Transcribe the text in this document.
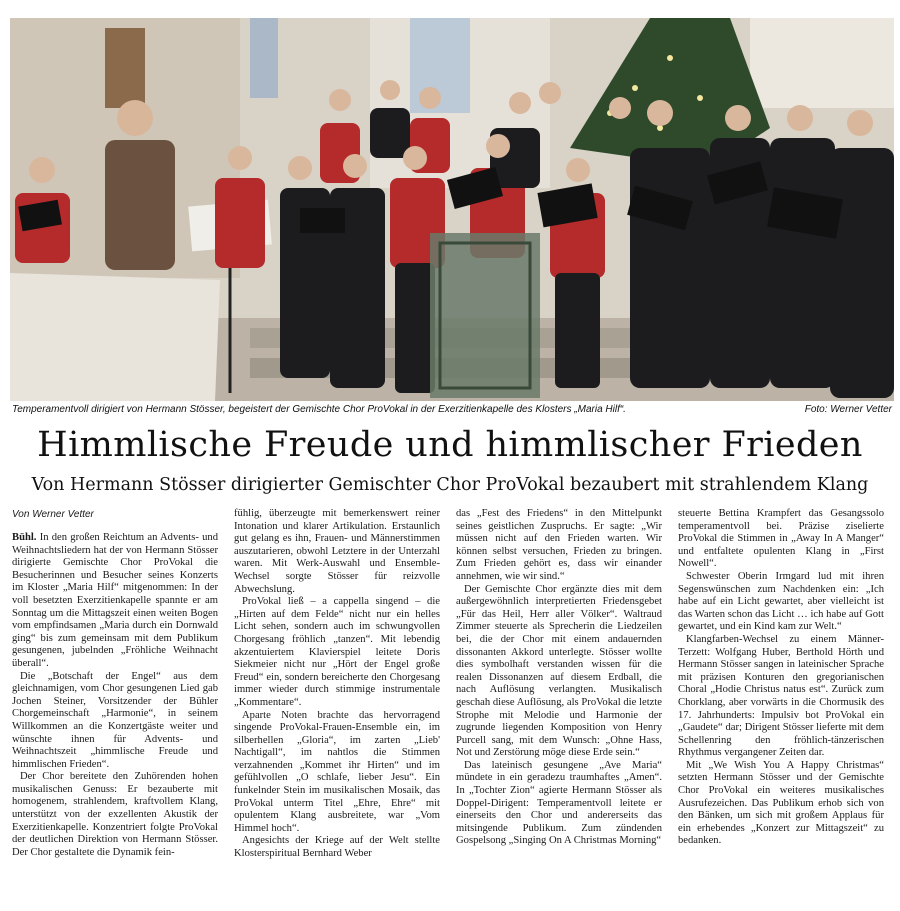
Temperamentvoll dirigiert von Hermann Stösser, begeistert der Gemischte Chor ProVokal in der Exerzitienkapelle des Klosters „Maria Hilf“.	Foto: Werner Vetter
Himmlische Freude und himmlischer Frieden
Von Hermann Stösser dirigierter Gemischter Chor ProVokal bezaubert mit strahlendem Klang
Von Werner Vetter

Bühl. In den großen Reichtum an Advents- und Weihnachtsliedern hat der von Hermann Stösser dirigierte Gemischte Chor ProVokal die Besucherinnen und Besucher seines Konzerts im Kloster „Maria Hilf“ mitgenommen: In der voll besetzten Exerzitienkapelle spannte er am Sonntag um die Mittagszeit einen weiten Bogen vom empfindsamen „Maria durch ein Dornwald ging“ bis zum gemeinsam mit dem Publikum gesungenen, jubelnden „Fröhliche Weihnacht überall“.

Die „Botschaft der Engel“ aus dem gleichnamigen, vom Chor gesungenen Lied gab Jochen Steiner, Vorsitzender der Bühler Chorgemeinschaft „Harmonie“, in seinem Willkommen an die Konzertgäste weiter und wünschte ihnen für Advents- und Weihnachtszeit „himmlische Freude und himmlischen Frieden“.

Der Chor bereitete den Zuhörenden hohen musikalischen Genuss: Er bezauberte mit homogenem, strahlendem, kraftvollem Klang, unterstützt von der exzellenten Akustik der Exerzitienkapelle. Konzentriert folgte ProVokal der deutlichen Direktion von Hermann Stösser. Der Chor gestaltete die Dynamik fein-

fühlig, überzeugte mit bemerkenswert reiner Intonation und klarer Artikulation. Erstaunlich gut gelang es ihn, Frauen- und Männerstimmen auszutarieren, obwohl Letztere in der Unterzahl waren. Mit Werk-Auswahl und Ensemble-Wechsel sorgte Stösser für reizvolle Abwechslung.

ProVokal ließ – a cappella singend – die „Hirten auf dem Felde“ nicht nur ein helles Licht sehen, sondern auch im schwungvollen Chorgesang fröhlich „tanzen“. Mit lebendig akzentuiertem Klavierspiel leitete Doris Siekmeier nicht nur „Hört der Engel große Freud“ ein, sondern bereicherte den Chorgesang immer wieder durch stimmige instrumentale „Kommentare“.

Aparte Noten brachte das hervorragend singende ProVokal-Frauen-Ensemble ein, im silberhellen „Gloria“, im zarten „Lieb' Nachtigall“, im nahtlos die Stimmen verzahnenden „Kommet ihr Hirten“ und im gefühlvollen „O schlafe, lieber Jesu“. Ein funkelnder Stein im musikalischen Mosaik, das ProVokal unterm Titel „Ehre, Ehre“ mit opulentem Klang ausbreitete, war „Vom Himmel hoch“.

Angesichts der Kriege auf der Welt stellte Klosterspiritual Bernhard Weber

das „Fest des Friedens“ in den Mittelpunkt seines geistlichen Zuspruchs. Er sagte: „Wir müssen nicht auf den Frieden warten. Wir können selbst versuchen, Frieden zu bringen. Zum Frieden gehört es, dass wir einander annehmen, wie wir sind.“

Der Gemischte Chor ergänzte dies mit dem außergewöhnlich interpretierten Friedensgebet „Für das Heil, Herr aller Völker“. Waltraud Zimmer steuerte als Sprecherin die Liedzeilen bei, die der Chor mit einem andauernden dissonanten Akkord unterlegte. Stösser wollte dies symbolhaft verstanden wissen für die realen Dissonanzen auf diesem Erdball, die nach Auflösung verlangten. Musikalisch geschah diese Auflösung, als ProVokal die letzte Strophe mit Melodie und Harmonie der zugrunde liegenden Komposition von Henry Purcell sang, mit dem Wunsch: „Ohne Hass, Not und Zerstörung möge diese Erde sein.“

Das lateinisch gesungene „Ave Maria“ mündete in ein geradezu traumhaftes „Amen“. In „Tochter Zion“ agierte Hermann Stösser als Doppel-Dirigent: Temperamentvoll leitete er einerseits den Chor und andererseits das mitsingende Publikum. Zum zündenden Gospelsong „Singing On A Christmas Morning“

steuerte Bettina Krampfert das Gesangssolo temperamentvoll bei. Präzise ziselierte ProVokal die Stimmen in „Away In A Manger“ und entfaltete opulenten Klang in „First Nowell“.

Schwester Oberin Irmgard lud mit ihren Segenswünschen zum Nachdenken ein: „Ich habe auf ein Licht gewartet, aber vielleicht ist das Warten schon das Licht … ich habe auf Gott gewartet, und ein Kind kam zur Welt.“

Klangfarben-Wechsel zu einem Männer-Terzett: Wolfgang Huber, Berthold Hörth und Hermann Stösser sangen in lateinischer Sprache mit präzisen Konturen den gregorianischen Choral „Hodie Christus natus est“. Zurück zum Chorklang, aber vorwärts in die Chormusik des 17. Jahrhunderts: Impulsiv bot ProVokal ein „Gaudete“ dar; Dirigent Stösser lieferte mit dem Schellenring den fröhlich-tänzerischen Rhythmus vergangener Zeiten dar.

Mit „We Wish You A Happy Christmas“ setzten Hermann Stösser und der Gemischte Chor ProVokal ein weiteres musikalisches Ausrufezeichen. Das Publikum erhob sich von den Bänken, um sich mit großem Applaus für ein erhebendes „Konzert zur Mittagszeit“ zu bedanken.
